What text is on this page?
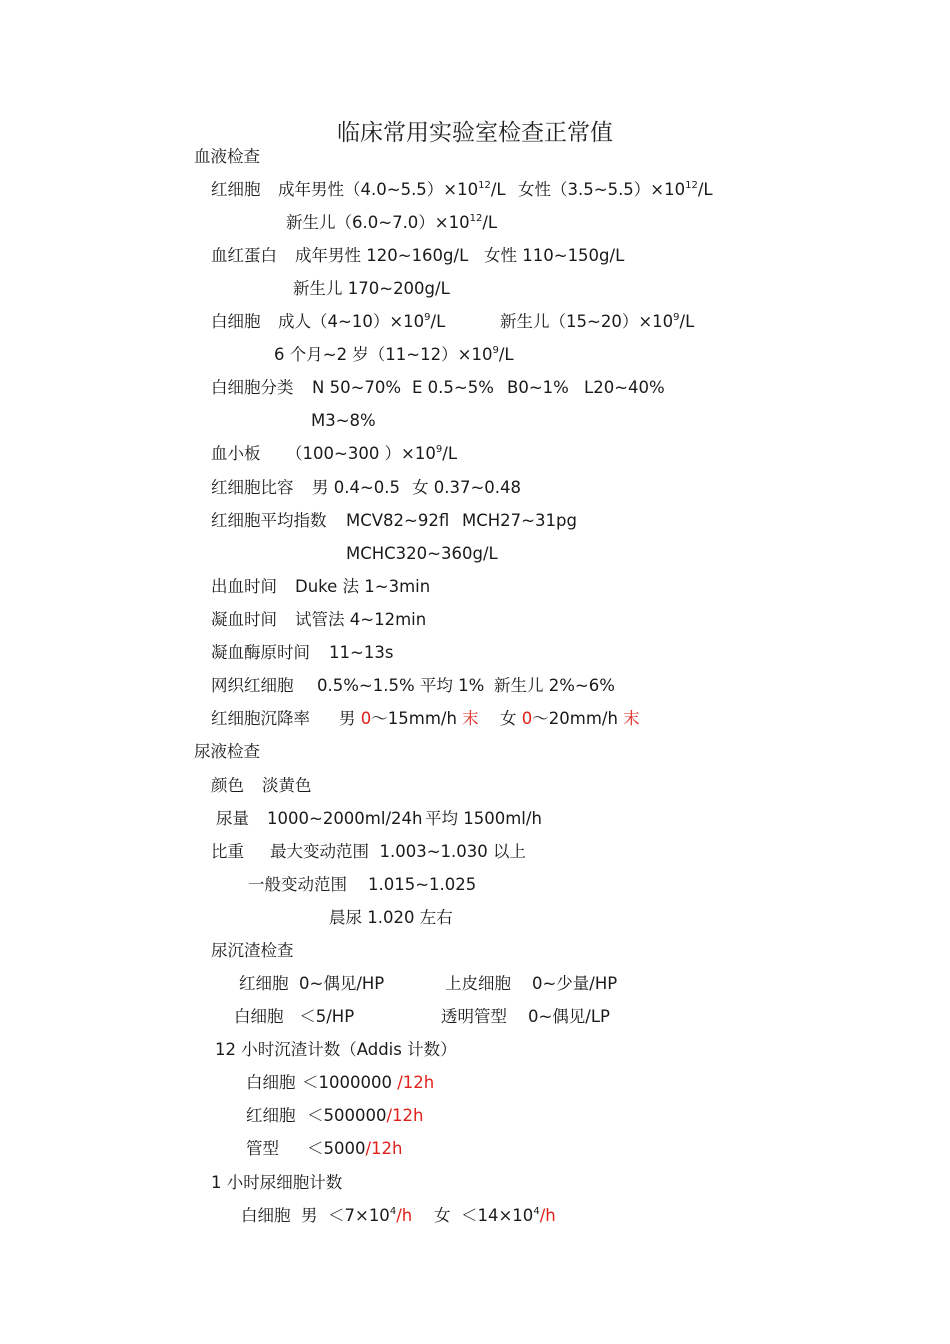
临床常用实验室检查正常值
血液检查
红细胞 成年男性$(4.0\sim 5.5)\times 10^{12}/L$ 女性$(3.5\sim 5.5)\times 10^{12}/L$
新生儿$(6.0\sim 7.0)\times 10^{12}/L$
血红蛋白 成年男性 120~160g/L 女性 110~150g/L
新生儿 170~200g/L
白细胞 成人$(4\sim 10)\times 10^9/L$	新生儿$(15\sim 20)\times 10^9/L$
6 个月~2 岁$(11\sim 12)\times 10^9/L$
白细胞分类 N 50~70% E 0.5~5% B0~1% L20~40%
M3~8%
血小板 （100~300 ）$\times 10^9/L$
红细胞比容 男 0.4~0.5 女 0.37~0.48
红细胞平均指数 MCV82~92fl MCH27~31pg
MCHC320~360g/L
出血时间 Duke 法 1~3min
凝血时间 试管法 4~12min
凝血酶原时间 11~13s
网织红细胞 0.5%~1.5% 平均 1% 新生儿 2%~6%
红细胞沉降率 男 0～15mm/h 末 女 0～20mm/h 末
尿液检查
颜色 淡黄色
尿量 1000~2000ml/24h 平均 1500ml/h
比重 最大变动范围  1.003~1.030 以上
一般变动范围    1.015~1.025
晨尿 1.020 左右
尿沉渣检查
红细胞  0~偶见/HP	上皮细胞    0~少量/HP
白细胞   ＜5/HP	透明管型    0~偶见/LP
12 小时沉渣计数（Addis 计数）
白细胞 ＜1000000 /12h
红细胞 ＜500000/12h
管型 ＜5000/12h
1 小时尿细胞计数
白细胞 男  $<7\times 10^4/h$ 女  $<14\times 10^4/h$
